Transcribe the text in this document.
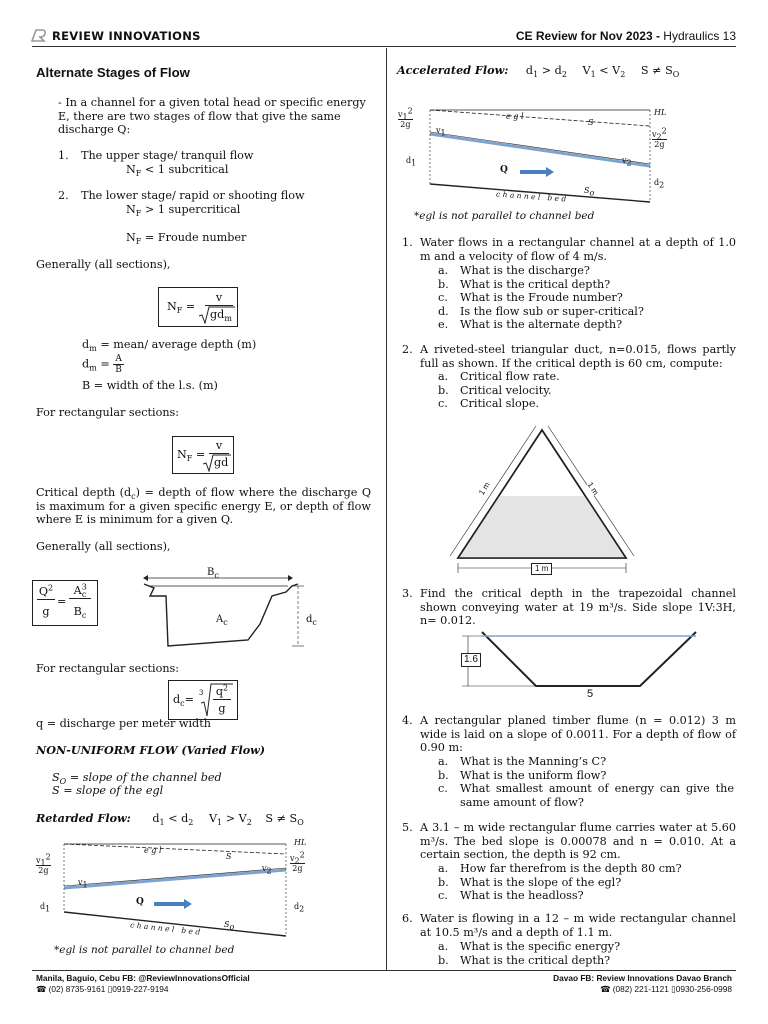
REVIEW INNOVATIONS	CE Review for Nov 2023 - Hydraulics 13
Alternate Stages of Flow
- In a channel for a given total head or specific energy E, there are two stages of flow that give the same discharge Q:
1. The upper stage/ tranquil flow
$N_F < 1$ subcritical
2. The lower stage/ rapid or shooting flow
$N_F > 1$ supercritical
$N_F$ = Froude number
Generally (all sections),
$N_F$ =
v
$gd_m$
$d_m$ = mean/ average depth (m)
$d_m = \frac{A}{B}$
B = width of the l.s. (m)
For rectangular sections:
$N_F$ =
v
gd
Critical depth $(d_c)$ = depth of flow where the discharge Q is maximum for a given specific energy E, or depth of flow where E is minimum for a given Q.
Generally (all sections),
$Q^2$
g
=
$A^3_c$
$B_c$
$B_c$
$A_c$	$d_c$
For rectangular sections:
$d_c= 3$ $q^2$
g
q = discharge per meter width
NON-UNIFORM FLOW (Varied Flow)
$S_O$ = slope of the channel bed
S = slope of the egl
Retarded Flow: $d_1 < d_2$ $V_1 > V_2$ $S \ne S_O$
HL
$v_1^2$
2g
$v_2^2$
2g
e g l
S
$v_1$
$v_2$
$d_1$	$d_2$
Q
$S_o$
c h a n n e l   b e d
*egl is not parallel to channel bed
Accelerated Flow: $d_1 > d_2$ $V_1 < V_2$ $S \ne S_O$
HL
$v_1^2$
2g
$v_2^2$
2g
e g l
S
$v_1$
$v_2$
$d_1$
$d_2$
Q
$S_o$
c h a n n e l   b e d
*egl is not parallel to channel bed
1. Water flows in a rectangular channel at a depth of 1.0 m and a velocity of flow of 4 m/s.
a. What is the discharge?
b. What is the critical depth?
c. What is the Froude number?
d. Is the flow sub or super-critical?
e. What is the alternate depth?
2. A riveted-steel triangular duct, n=0.015, flows partly full as shown. If the critical depth is 60 cm, compute:
a. Critical flow rate.
b. Critical velocity.
c. Critical slope.
3. Find the critical depth in the trapezoidal channel shown conveying water at 19 m³/s. Side slope 1V:3H, n= 0.012.
4. A rectangular planed timber flume (n = 0.012) 3 m wide is laid on a slope of 0.0011. For a depth of flow of 0.90 m:
a. What is the Manning’s C?
b. What is the uniform flow?
c. What smallest amount of energy can give the same amount of flow?
5. A 3.1 – m wide rectangular flume carries water at 5.60 m³/s. The bed slope is 0.00078 and n = 0.010. At a certain section, the depth is 92 cm.
a. How far therefrom is the depth 80 cm?
b. What is the slope of the egl?
c. What is the headloss?
6. Water is flowing in a 12 – m wide rectangular channel at 10.5 m³/s and a depth of 1.1 m.
a. What is the specific energy?
b. What is the critical depth?
1 m	1 m
1 m
1.6
5
Manila, Baguio, Cebu FB: @ReviewInnovationsOfficial
☎ (02) 8735-9161 ▯0919-227-9194
Davao FB: Review Innovations Davao Branch
☎ (082) 221-1121 ▯0930-256-0998
